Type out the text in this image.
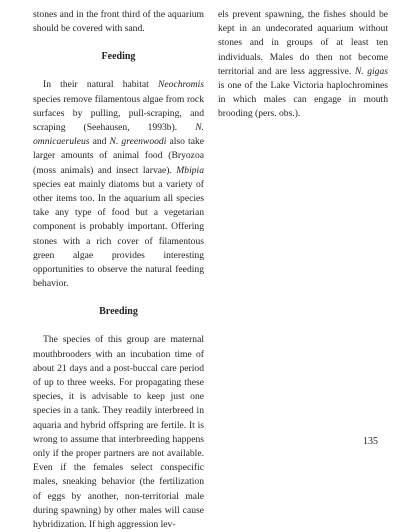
stones and in the front third of the aquarium should be covered with sand.

Feeding

In their natural habitat Neochromis species remove filamentous algae from rock surfaces by pulling, pull-scraping, and scraping (Seehausen, 1993b). N. omnicaeruleus and N. greenwoodi also take larger amounts of animal food (Bryozoa (moss animals) and insect larvae). Mbipia species eat mainly diatoms but a variety of other items too. In the aquarium all species take any type of food but a vegetarian component is probably important. Offering stones with a rich cover of filamentous green algae provides interesting opportunities to observe the natural feeding behavior.

Breeding

The species of this group are maternal mouthbrooders with an incubation time of about 21 days and a post-buccal care period of up to three weeks. For propagating these species, it is advisable to keep just one species in a tank. They readily interbreed in aquaria and hybrid offspring are fertile. It is wrong to assume that interbreeding happens only if the proper partners are not available. Even if the females select conspecific males, sneaking behavior (the fertilization of eggs by another, non-territorial male during spawning) by other males will cause hybridization. If high aggression lev-

els prevent spawning, the fishes should be kept in an undecorated aquarium without stones and in groups of at least ten individuals. Males do then not become territorial and are less aggressive. N. gigas is one of the Lake Victoria haplochromines in which males can engage in mouth brooding (pers. obs.).

135
